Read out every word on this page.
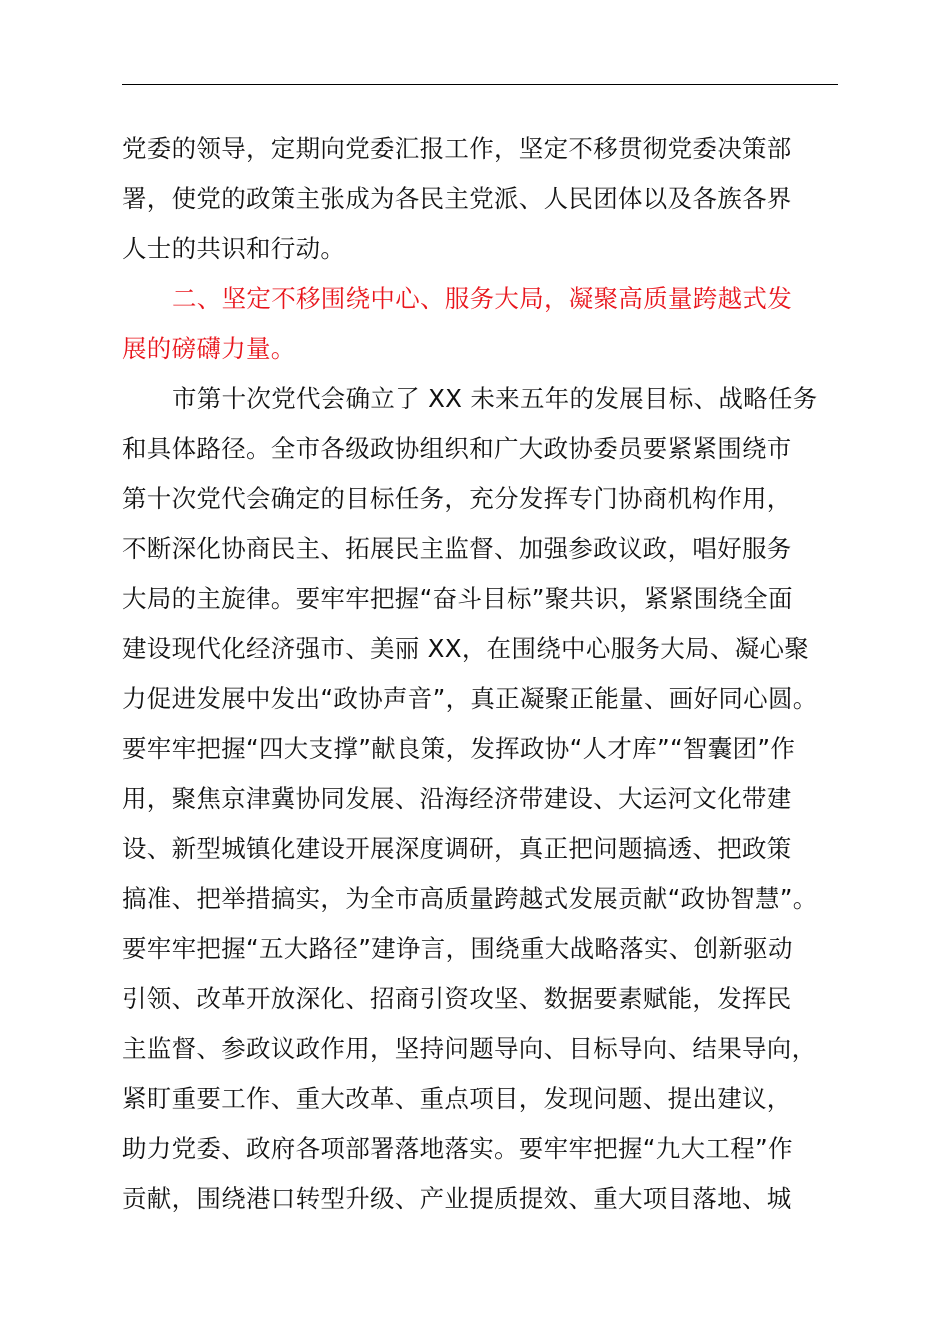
党委的领导，定期向党委汇报工作，坚定不移贯彻党委决策部
署，使党的政策主张成为各民主党派、人民团体以及各族各界
人士的共识和行动。
二、坚定不移围绕中心、服务大局，凝聚高质量跨越式发
展的磅礴力量。
市第十次党代会确立了 XX 未来五年的发展目标、战略任务
和具体路径。全市各级政协组织和广大政协委员要紧紧围绕市
第十次党代会确定的目标任务，充分发挥专门协商机构作用，
不断深化协商民主、拓展民主监督、加强参政议政，唱好服务
大局的主旋律。要牢牢把握“奋斗目标”聚共识，紧紧围绕全面
建设现代化经济强市、美丽 XX，在围绕中心服务大局、凝心聚
力促进发展中发出“政协声音”，真正凝聚正能量、画好同心圆。
要牢牢把握“四大支撑”献良策，发挥政协“人才库”“智囊团”作
用，聚焦京津冀协同发展、沿海经济带建设、大运河文化带建
设、新型城镇化建设开展深度调研，真正把问题搞透、把政策
搞准、把举措搞实，为全市高质量跨越式发展贡献“政协智慧”。
要牢牢把握“五大路径”建诤言，围绕重大战略落实、创新驱动
引领、改革开放深化、招商引资攻坚、数据要素赋能，发挥民
主监督、参政议政作用，坚持问题导向、目标导向、结果导向，
紧盯重要工作、重大改革、重点项目，发现问题、提出建议，
助力党委、政府各项部署落地落实。要牢牢把握“九大工程”作
贡献，围绕港口转型升级、产业提质提效、重大项目落地、城
